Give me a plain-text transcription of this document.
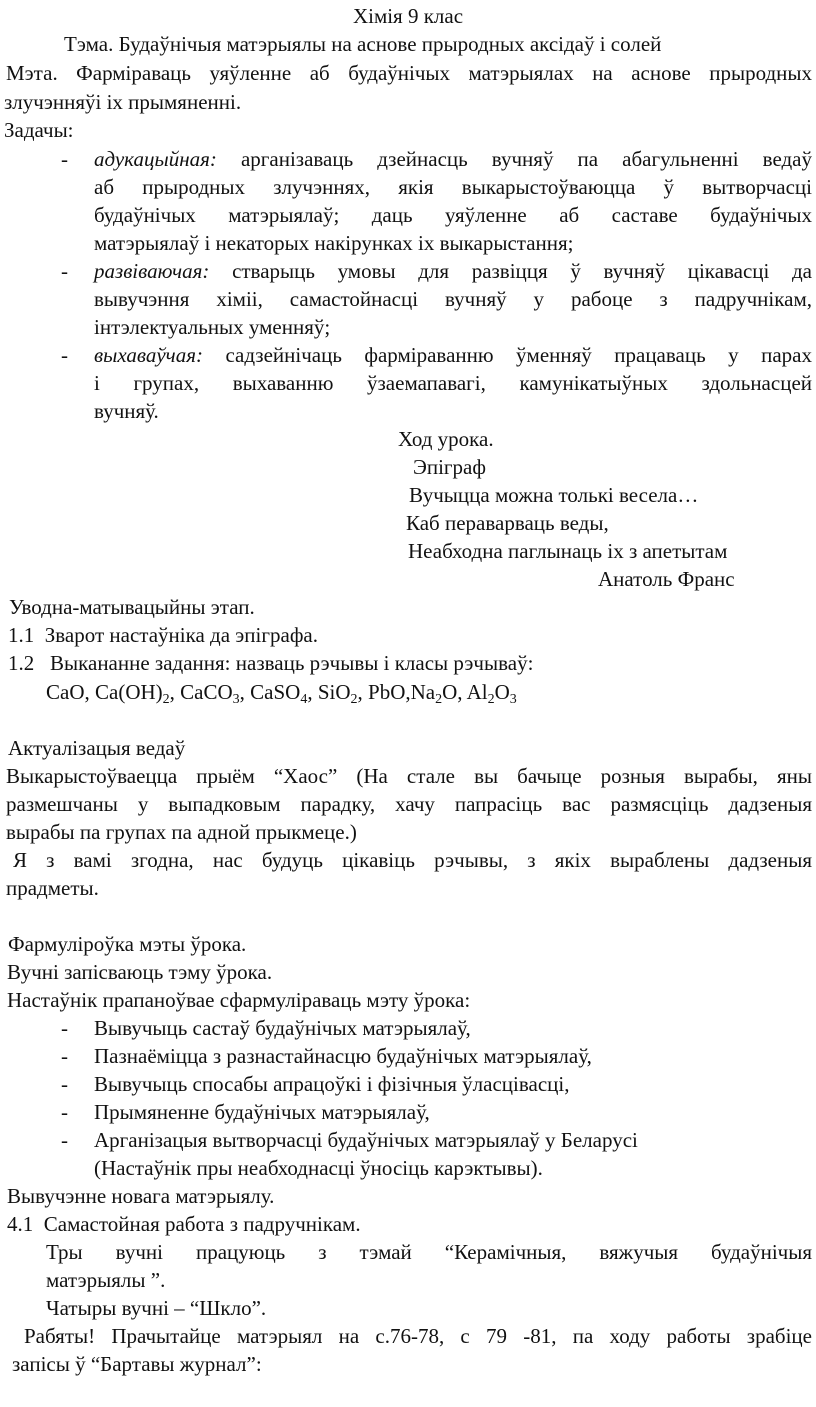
Хімія 9 клас
Тэма. Будаўнічыя матэрыялы на аснове прыродных аксідаў і солей
Мэта. Фарміраваць уяўленне аб будаўнічых матэрыялах на аснове прыродных
злучэнняўі іх прымяненні.
Задачы:
- адукацыйная: арганізаваць дзейнасць вучняў па абагульненні ведаў
аб прыродных злучэннях, якія выкарыстоўваюцца ў вытворчасці
будаўнічых матэрыялаў; даць уяўленне аб саставе будаўнічых
матэрыялаў і некаторых накірунках іх выкарыстання;
- развіваючая: стварыць умовы для развіцця ў вучняў цікавасці да
вывучэння хіміі, самастойнасці вучняў у рабоце з падручнікам,
інтэлектуальных уменняў;
- выхаваўчая: садзейнічаць фарміраванню ўменняў працаваць у парах
і групах, выхаванню ўзаемапавагі, камунікатыўных здольнасцей
вучняў.
Ход урока.
Эпіграф
Вучыцца можна толькі весела…
Каб пераварваць веды,
Неабходна паглынаць іх з апетытам
Анатоль Франс
Уводна-матывацыйны этап.
1.1 Зварот настаўніка да эпіграфа.
1.2 Выкананне задання: назваць рэчывы і класы рэчываў:
CaO, $Ca(OH)_2$, CaCO$_3$, CaSO$_4$, SiO$_2$, $PbO,Na_2O$, $Al_2O_3$
Актуалізацыя ведаў
Выкарыстоўваецца прыём “Хаос” (На стале вы бачыце розныя вырабы, яны
размешчаны у выпадковым парадку, хачу папрасіць вас размясціць дадзеныя
вырабы па групах па адной прыкмеце.)
Я з вамі згодна, нас будуць цікавіць рэчывы, з якіх выраблены дадзеныя
прадметы.
Фармуліроўка мэты ўрока.
Вучні запісваюць тэму ўрока.
Настаўнік прапаноўвае сфармуліраваць мэту ўрока:
- Вывучыць састаў будаўнічых матэрыялаў,
- Пазнаёміцца з разнастайнасцю будаўнічых матэрыялаў,
- Вывучыць спосабы апрацоўкі і фізічныя ўласцівасці,
- Прымяненне будаўнічых матэрыялаў,
- Арганізацыя вытворчасці будаўнічых матэрыялаў у Беларусі
(Настаўнік пры неабходнасці ўносіць карэктывы).
Вывучэнне новага матэрыялу.
4.1 Самастойная работа з падручнікам.
Тры вучні працуюць з тэмай “Керамічныя, вяжучыя будаўнічыя
матэрыялы ”.
Чатыры вучні – “Шкло”.
Рабяты! Прачытайце матэрыял на с.76-78, с 79 -81, па ходу работы зрабіце
запісы ў “Бартавы журнал”:
